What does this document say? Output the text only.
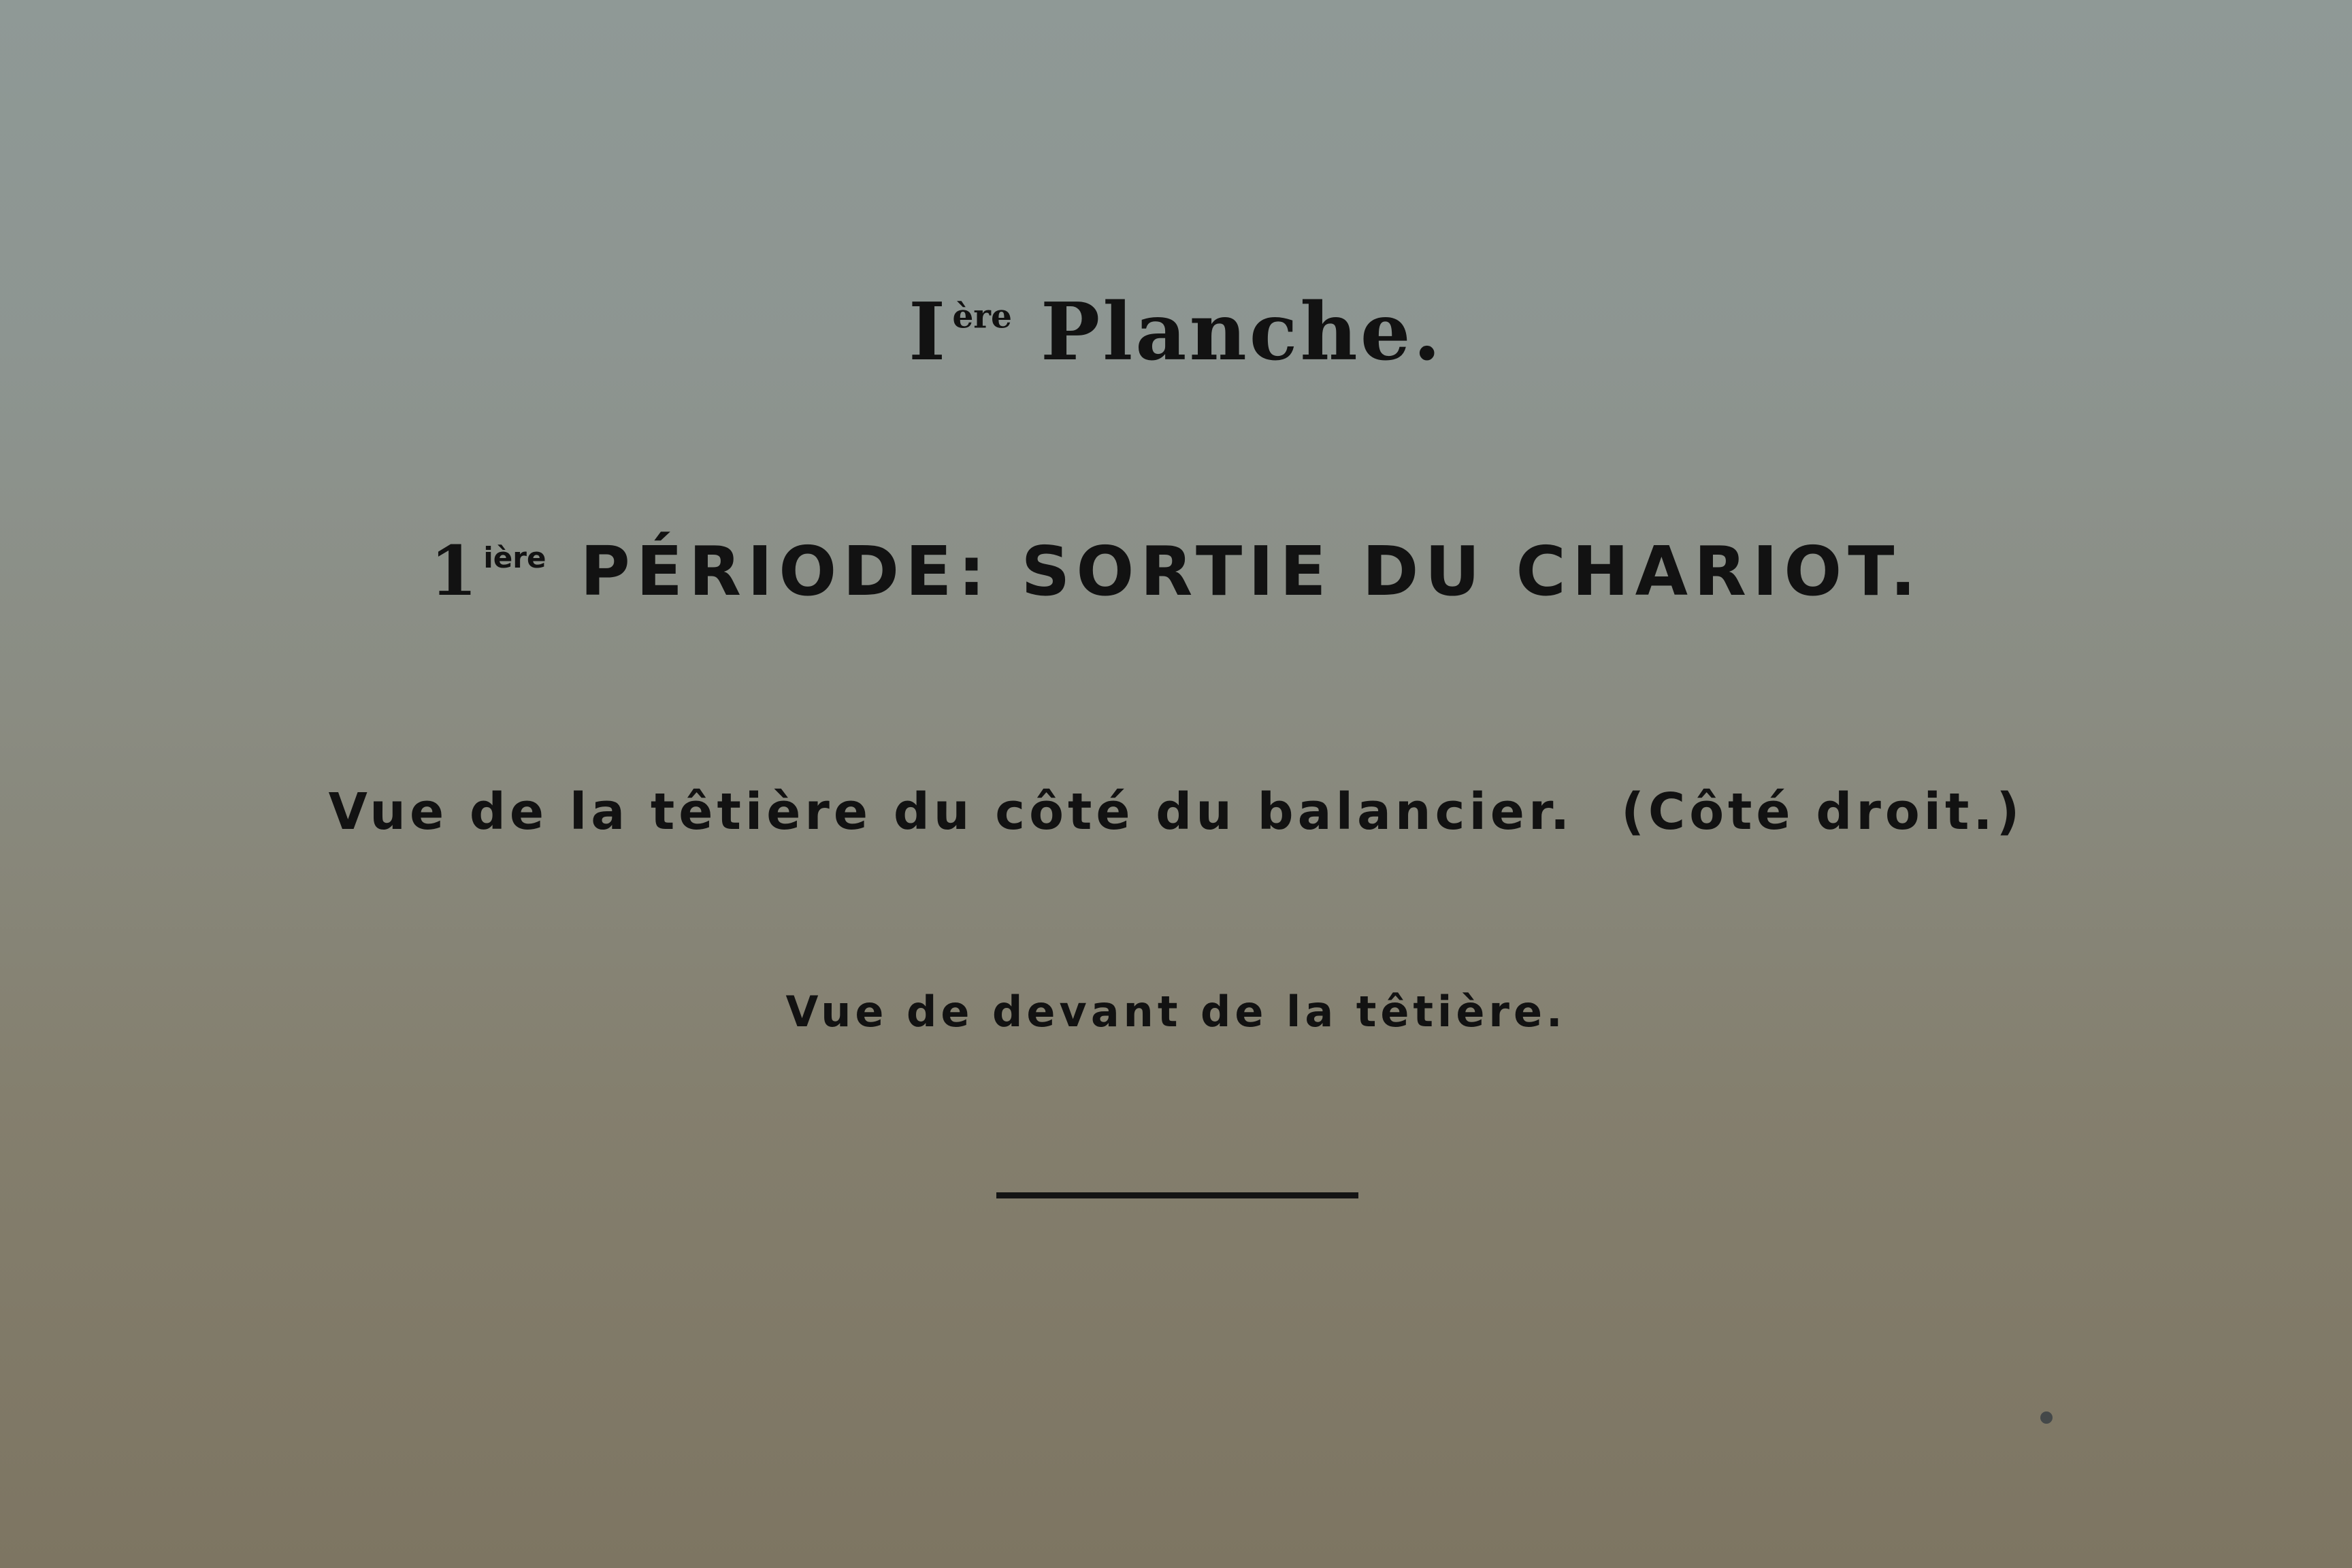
I $^{ère}$ Planche.
$1^{ière}$ PÉRIODE: SORTIE DU CHARIOT.
Vue de la têtière du côté du balancier. (Côté droit.)
Vue de devant de la têtière.
